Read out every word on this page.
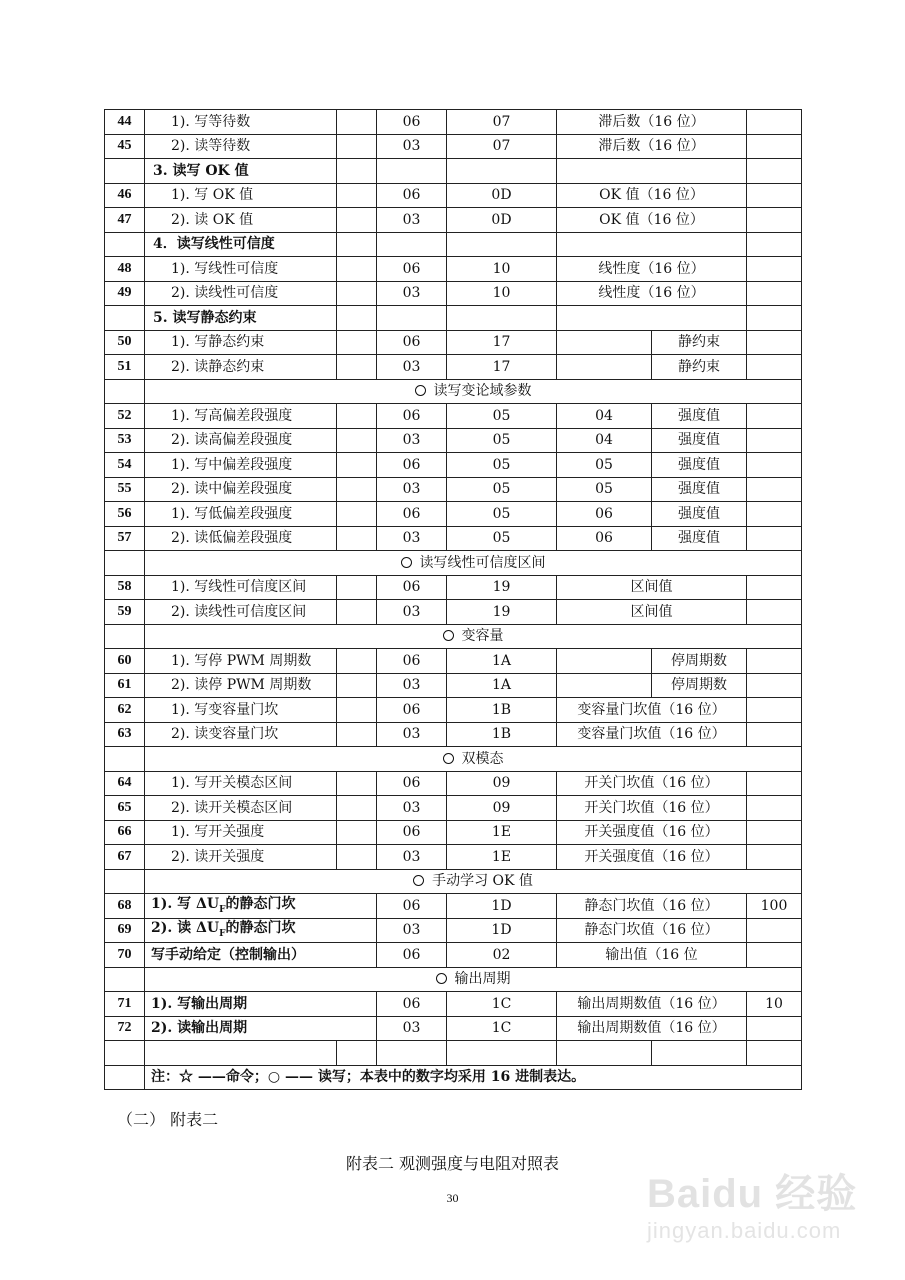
44	1). 写等待数		06	07	滞后数（16 位）		
45	2). 读等待数		03	07	滞后数（16 位）		
	3. 读写 OK 值						
46	1). 写 OK 值		06	0D	OK 值（16 位）		
47	2). 读 OK 值		03	0D	OK 值（16 位）		
	4．读写线性可信度						
48	1). 写线性可信度		06	10	线性度（16 位）		
49	2). 读线性可信度		03	10	线性度（16 位）		
	5. 读写静态约束						
50	1). 写静态约束		06	17		静约束	
51	2). 读静态约束		03	17		静约束	
	读写变论域参数						
52	1). 写高偏差段强度		06	05	04	强度值	
53	2). 读高偏差段强度		03	05	04	强度值	
54	1). 写中偏差段强度		06	05	05	强度值	
55	2). 读中偏差段强度		03	05	05	强度值	
56	1). 写低偏差段强度		06	05	06	强度值	
57	2). 读低偏差段强度		03	05	06	强度值	
	读写线性可信度区间						
58	1). 写线性可信度区间		06	19	区间值		
59	2). 读线性可信度区间		03	19	区间值		
	变容量						
60	1). 写停 PWM 周期数		06	1A		停周期数	
61	2). 读停 PWM 周期数		03	1A		停周期数	
62	1). 写变容量门坎		06	1B	变容量门坎值（16 位）		
63	2). 读变容量门坎		03	1B	变容量门坎值（16 位）		
	双模态						
64	1). 写开关模态区间		06	09	开关门坎值（16 位）		
65	2). 读开关模态区间		03	09	开关门坎值（16 位）		
66	1). 写开关强度		06	1E	开关强度值（16 位）		
67	2). 读开关强度		03	1E	开关强度值（16 位）		
	手动学习 OK 值						
68	1). 写 $\Delta U_F$的静态门坎		06	1D	静态门坎值（16 位）		100
69	2). 读 $\Delta U_F$的静态门坎		03	1D	静态门坎值（16 位）		
70	写手动给定（控制输出）		06	02	输出值（16 位		
	输出周期						
71	1). 写输出周期		06	1C	输出周期数值（16 位）		10
72	2). 读输出周期		03	1C	输出周期数值（16 位）		

	注：☆ ——命令；○ —— 读写；本表中的数字均采用 16 进制表达。						
（二） 附表二
附表二 观测强度与电阻对照表
30	Baidu 经验
jingyan.baidu.com
